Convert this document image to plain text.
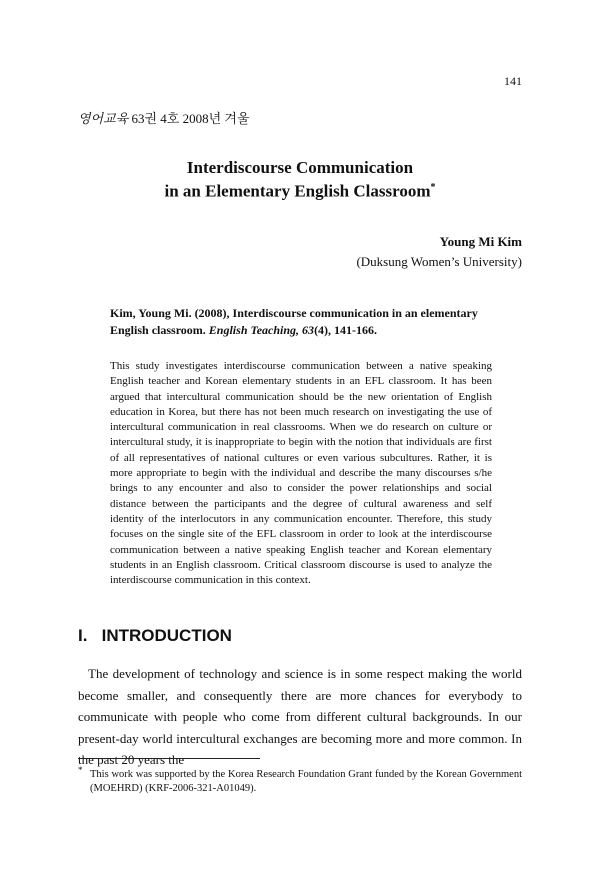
141
영어교육 63권 4호 2008년 겨울
Interdiscourse Communication
in an Elementary English Classroom*
Young Mi Kim
(Duksung Women’s University)
Kim, Young Mi. (2008), Interdiscourse communication in an elementary English classroom. English Teaching, 63(4), 141-166.

This study investigates interdiscourse communication between a native speaking English teacher and Korean elementary students in an EFL classroom. It has been argued that intercultural communication should be the new orientation of English education in Korea, but there has not been much research on investigating the use of intercultural communication in real classrooms. When we do research on culture or intercultural study, it is inappropriate to begin with the notion that individuals are first of all representatives of national cultures or even various subcultures. Rather, it is more appropriate to begin with the individual and describe the many discourses s/he brings to any encounter and also to consider the power relationships and social distance between the participants and the degree of cultural awareness and self identity of the interlocutors in any communication encounter. Therefore, this study focuses on the single site of the EFL classroom in order to look at the interdiscourse communication between a native speaking English teacher and Korean elementary students in an English classroom. Critical classroom discourse is used to analyze the interdiscourse communication in this context.

I.   INTRODUCTION

The development of technology and science is in some respect making the world become smaller, and consequently there are more chances for everybody to communicate with people who come from different cultural backgrounds. In our present-day world intercultural exchanges are becoming more and more common. In the past 20 years the

* This work was supported by the Korea Research Foundation Grant funded by the Korean Government (MOEHRD) (KRF-2006-321-A01049).
